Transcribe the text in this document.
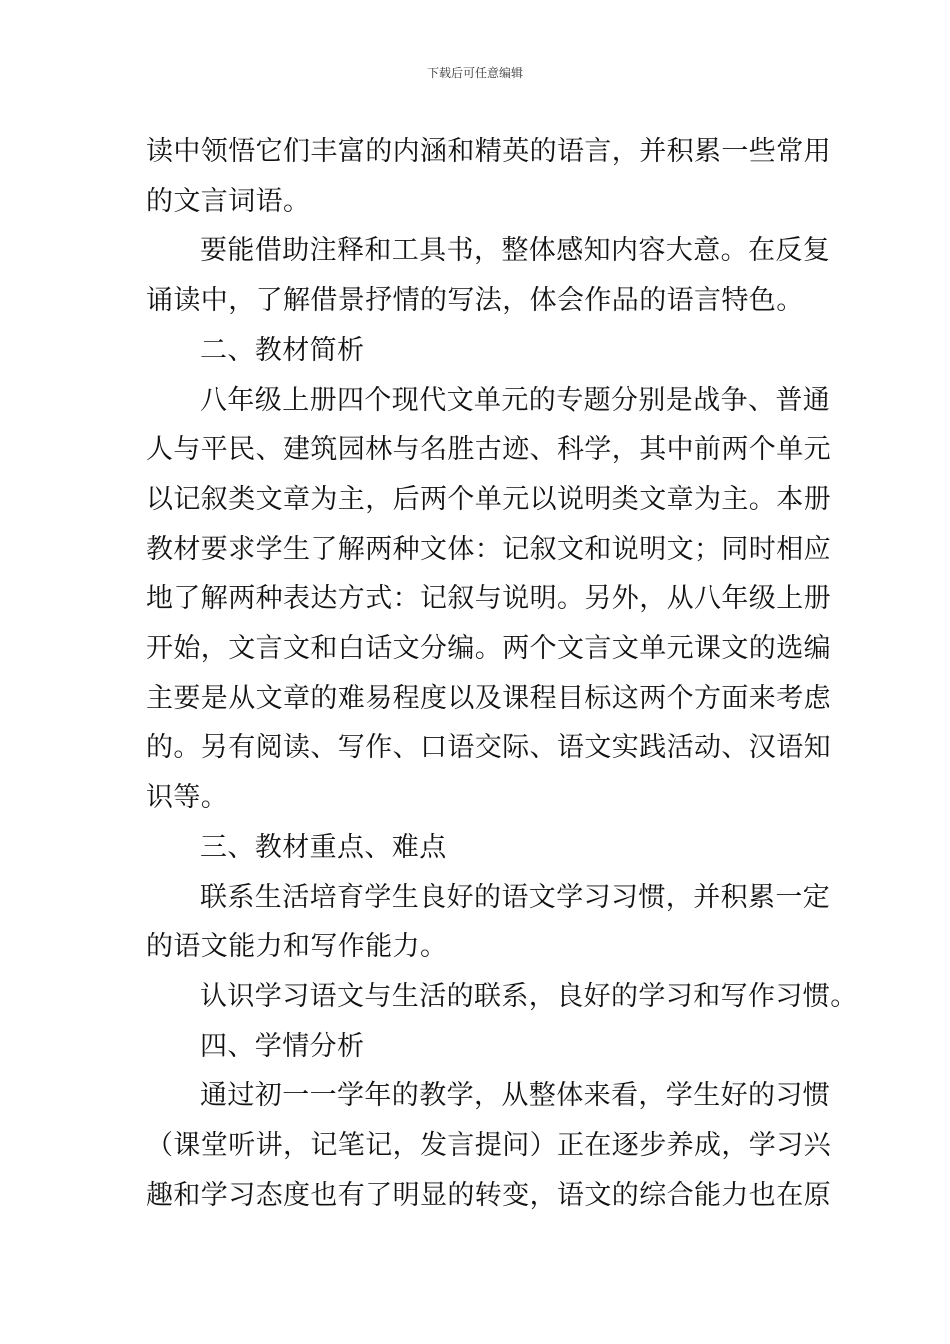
下载后可任意编辑
读中领悟它们丰富的内涵和精英的语言，并积累一些常用
的文言词语。
要能借助注释和工具书，整体感知内容大意。在反复
诵读中，了解借景抒情的写法，体会作品的语言特色。
二、教材简析
八年级上册四个现代文单元的专题分别是战争、普通
人与平民、建筑园林与名胜古迹、科学，其中前两个单元
以记叙类文章为主，后两个单元以说明类文章为主。本册
教材要求学生了解两种文体：记叙文和说明文；同时相应
地了解两种表达方式：记叙与说明。另外，从八年级上册
开始，文言文和白话文分编。两个文言文单元课文的选编
主要是从文章的难易程度以及课程目标这两个方面来考虑
的。另有阅读、写作、口语交际、语文实践活动、汉语知
识等。
三、教材重点、难点
联系生活培育学生良好的语文学习习惯，并积累一定
的语文能力和写作能力。
认识学习语文与生活的联系，良好的学习和写作习惯。
四、学情分析
通过初一一学年的教学，从整体来看，学生好的习惯
（课堂听讲，记笔记，发言提问）正在逐步养成，学习兴
趣和学习态度也有了明显的转变，语文的综合能力也在原
